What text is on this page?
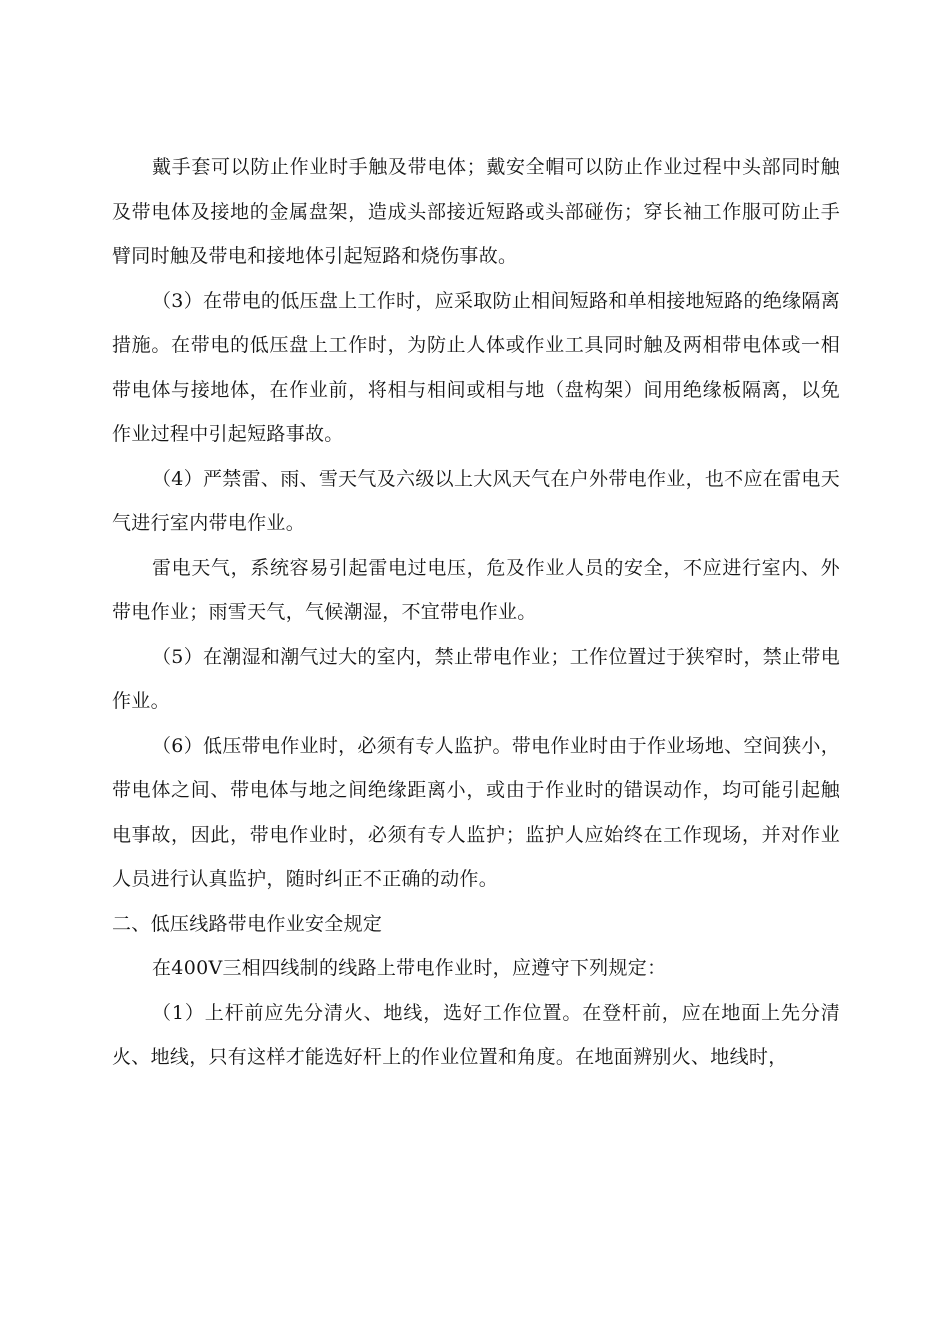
戴手套可以防止作业时手触及带电体；戴安全帽可以防止作业过程中头部同时触及带电体及接地的金属盘架，造成头部接近短路或头部碰伤；穿长袖工作服可防止手臂同时触及带电和接地体引起短路和烧伤事故。

（3）在带电的低压盘上工作时，应采取防止相间短路和单相接地短路的绝缘隔离措施。在带电的低压盘上工作时，为防止人体或作业工具同时触及两相带电体或一相带电体与接地体，在作业前，将相与相间或相与地（盘构架）间用绝缘板隔离，以免作业过程中引起短路事故。

（4）严禁雷、雨、雪天气及六级以上大风天气在户外带电作业，也不应在雷电天气进行室内带电作业。

雷电天气，系统容易引起雷电过电压，危及作业人员的安全，不应进行室内、外带电作业；雨雪天气，气候潮湿，不宜带电作业。

（5）在潮湿和潮气过大的室内，禁止带电作业；工作位置过于狭窄时，禁止带电作业。

（6）低压带电作业时，必须有专人监护。带电作业时由于作业场地、空间狭小，带电体之间、带电体与地之间绝缘距离小，或由于作业时的错误动作，均可能引起触电事故，因此，带电作业时，必须有专人监护；监护人应始终在工作现场，并对作业人员进行认真监护，随时纠正不正确的动作。

二、低压线路带电作业安全规定

在400V三相四线制的线路上带电作业时，应遵守下列规定：

（1）上杆前应先分清火、地线，选好工作位置。在登杆前，应在地面上先分清火、地线，只有这样才能选好杆上的作业位置和角度。在地面辨别火、地线时，
